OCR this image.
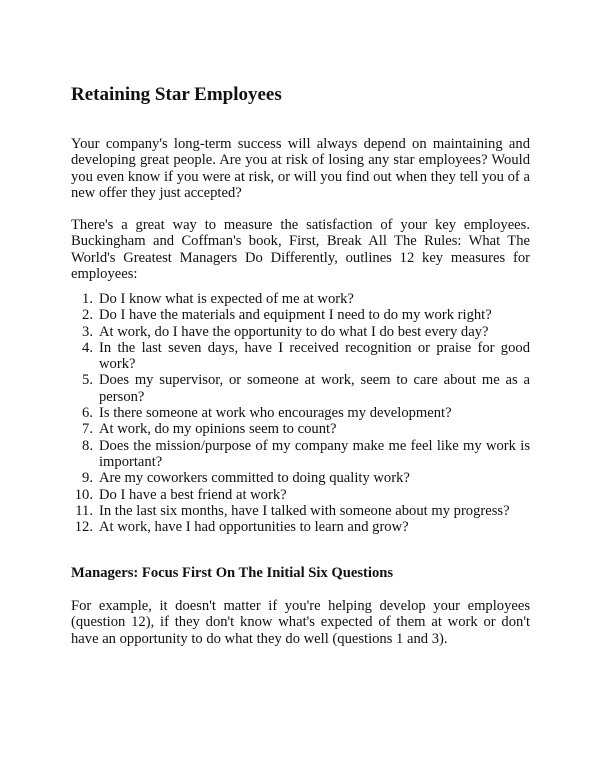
Retaining Star Employees

Your company's long-term success will always depend on maintaining and developing great people. Are you at risk of losing any star employees? Would you even know if you were at risk, or will you find out when they tell you of a new offer they just accepted?

There's a great way to measure the satisfaction of your key employees. Buckingham and Coffman's book, First, Break All The Rules: What The World's Greatest Managers Do Differently, outlines 12 key measures for employees:

1. Do I know what is expected of me at work?
2. Do I have the materials and equipment I need to do my work right?
3. At work, do I have the opportunity to do what I do best every day?
4. In the last seven days, have I received recognition or praise for good work?
5. Does my supervisor, or someone at work, seem to care about me as a person?
6. Is there someone at work who encourages my development?
7. At work, do my opinions seem to count?
8. Does the mission/purpose of my company make me feel like my work is important?
9. Are my coworkers committed to doing quality work?
10. Do I have a best friend at work?
11. In the last six months, have I talked with someone about my progress?
12. At work, have I had opportunities to learn and grow?
Managers: Focus First On The Initial Six Questions

For example, it doesn't matter if you're helping develop your employees (question 12), if they don't know what's expected of them at work or don't have an opportunity to do what they do well (questions 1 and 3).
